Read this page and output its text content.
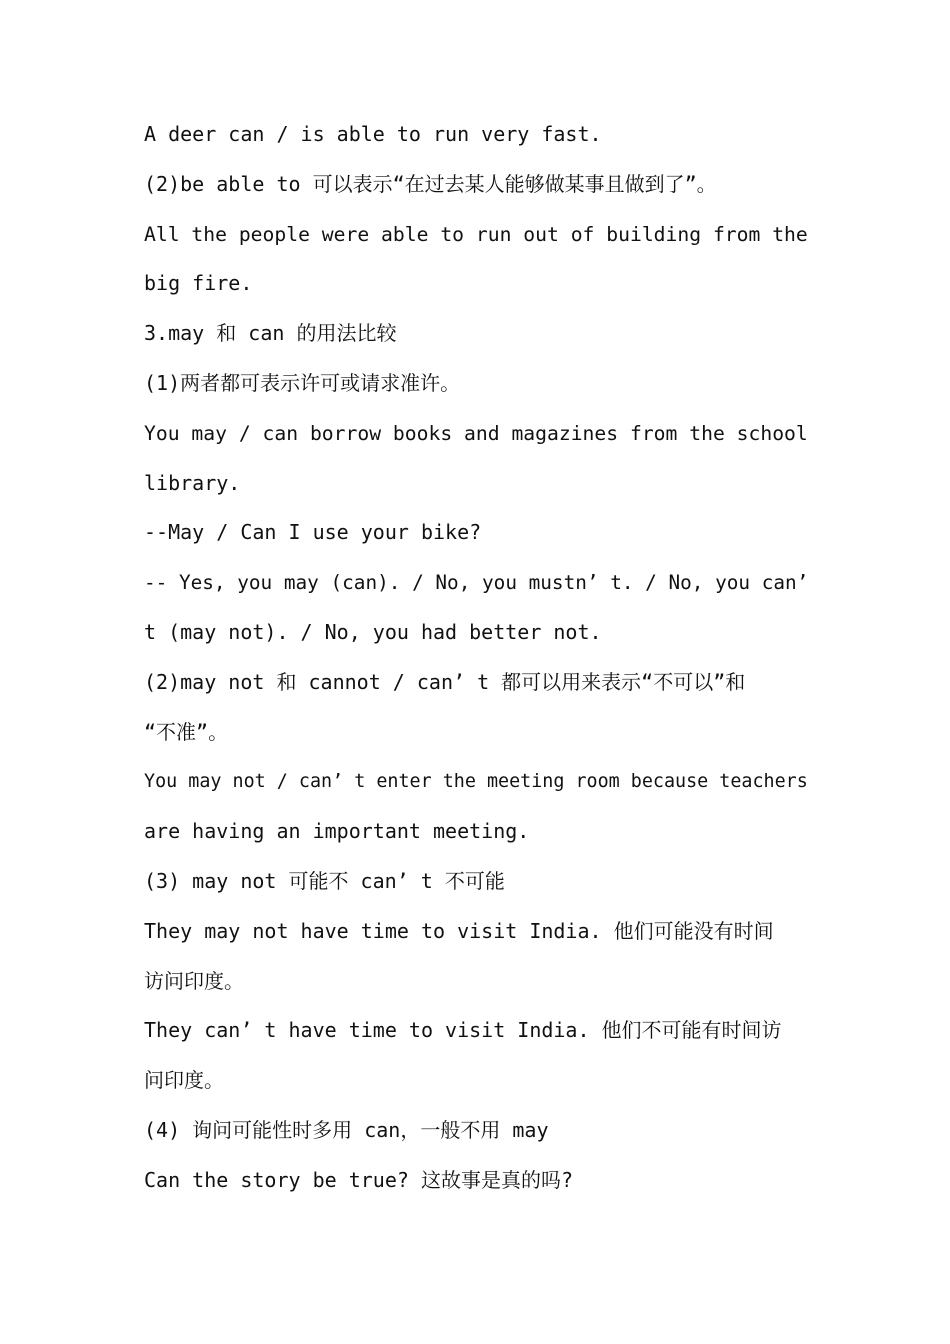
A deer can / is able to run very fast.
(2)be able to 可以表示“在过去某人能够做某事且做到了”。
All the people were able to run out of building from the
big fire.
3.may 和 can 的用法比较
(1)两者都可表示许可或请求准许。
You may / can borrow books and magazines from the school
library.
--May / Can I use your bike?
-- Yes, you may (can). / No, you mustn’ t. / No, you can’
t (may not). / No, you had better not.
(2)may not 和 cannot / can’ t 都可以用来表示“不可以”和
“不准”。
You may not / can’ t enter the meeting room because teachers
are having an important meeting.
(3) may not 可能不 can’ t 不可能
They may not have time to visit India. 他们可能没有时间
访问印度。
They can’ t have time to visit India. 他们不可能有时间访
问印度。
(4) 询问可能性时多用 can，一般不用 may
Can the story be true? 这故事是真的吗?
